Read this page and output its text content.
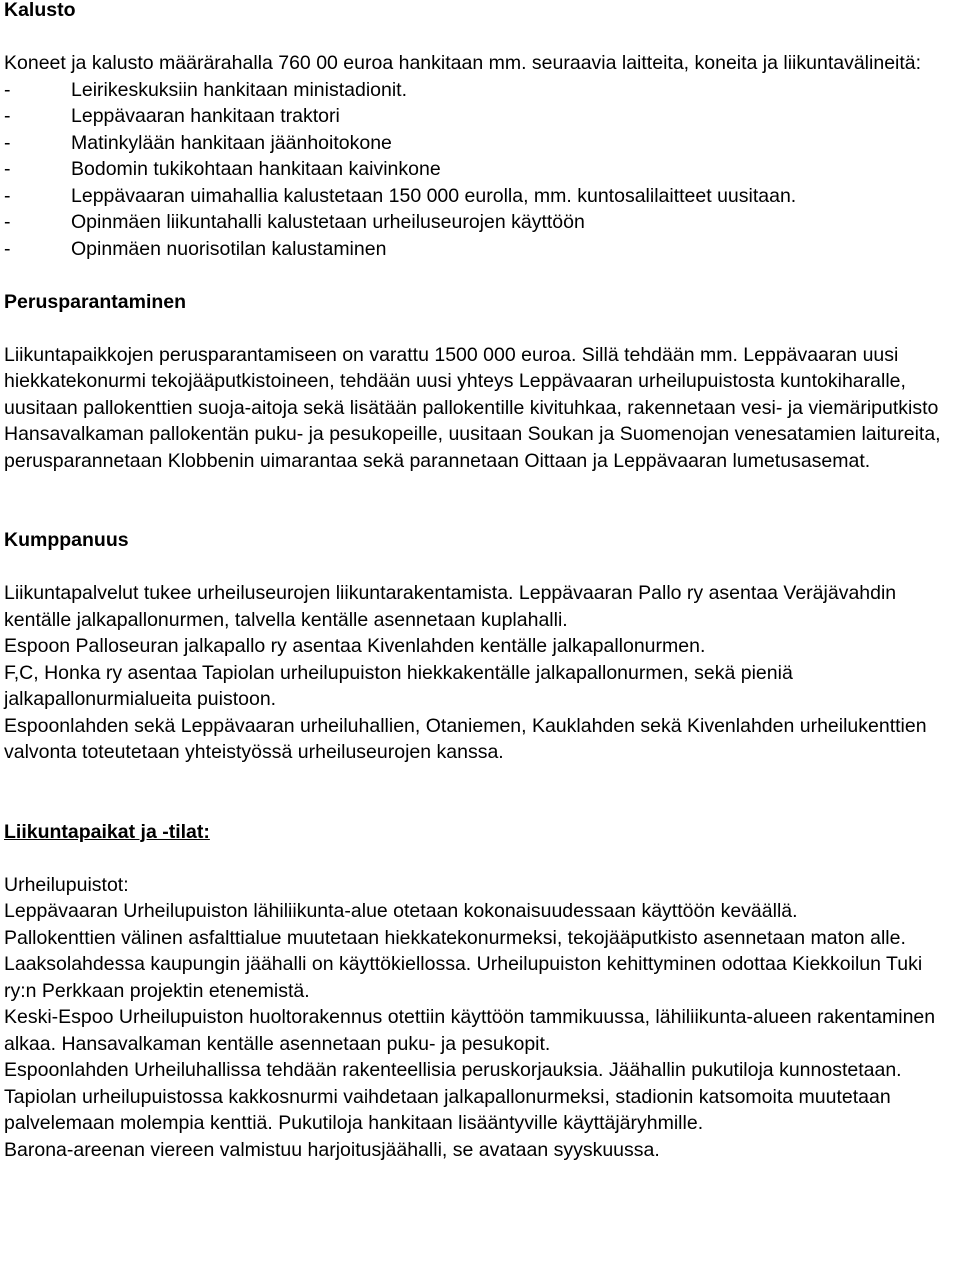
Kalusto

Koneet ja kalusto määrärahalla 760 00 euroa hankitaan mm. seuraavia laitteita, koneita ja liikuntavälineitä:

-	Leirikeskuksiin hankitaan ministadionit.
-	Leppävaaran hankitaan traktori
-	Matinkylään hankitaan jäänhoitokone
-	Bodomin tukikohtaan hankitaan kaivinkone
-	Leppävaaran uimahallia kalustetaan 150 000 eurolla, mm. kuntosalilaitteet uusitaan.
-	Opinmäen liikuntahalli kalustetaan urheiluseurojen käyttöön
-	Opinmäen nuorisotilan kalustaminen

Perusparantaminen

Liikuntapaikkojen perusparantamiseen on varattu 1500 000 euroa. Sillä tehdään mm. Leppävaaran uusi hiekkatekonurmi tekojääputkistoineen, tehdään uusi yhteys Leppävaaran urheilupuistosta kuntokiharalle, uusitaan pallokenttien suoja-aitoja sekä lisätään pallokentille kivituhkaa, rakennetaan vesi- ja viemäriputkisto Hansavalkaman pallokentän puku- ja pesukopeille, uusitaan Soukan ja Suomenojan venesatamien laitureita, perusparannetaan Klobbenin uimarantaa sekä parannetaan Oittaan ja Leppävaaran lumetusasemat.

Kumppanuus

Liikuntapalvelut tukee urheiluseurojen liikuntarakentamista. Leppävaaran Pallo ry asentaa Veräjävahdin kentälle jalkapallonurmen, talvella kentälle asennetaan kuplahalli.

Espoon Palloseuran jalkapallo ry asentaa Kivenlahden kentälle jalkapallonurmen.

F,C, Honka ry asentaa Tapiolan urheilupuiston hiekkakentälle jalkapallonurmen, sekä pieniä jalkapallonurmialueita puistoon.

Espoonlahden sekä Leppävaaran urheiluhallien, Otaniemen, Kauklahden sekä Kivenlahden urheilukenttien valvonta toteutetaan yhteistyössä urheiluseurojen kanssa.

Liikuntapaikat ja -tilat:

Urheilupuistot:

Leppävaaran Urheilupuiston lähiliikunta-alue otetaan kokonaisuudessaan käyttöön keväällä.

Pallokenttien välinen asfalttialue muutetaan hiekkatekonurmeksi, tekojääputkisto asennetaan maton alle.

Laaksolahdessa kaupungin jäähalli on käyttökiellossa. Urheilupuiston kehittyminen odottaa Kiekkoilun Tuki ry:n Perkkaan projektin etenemistä.

Keski-Espoo Urheilupuiston huoltorakennus otettiin käyttöön tammikuussa, lähiliikunta-alueen rakentaminen alkaa. Hansavalkaman kentälle asennetaan puku- ja pesukopit.

Espoonlahden Urheiluhallissa tehdään rakenteellisia peruskorjauksia. Jäähallin pukutiloja kunnostetaan.

Tapiolan urheilupuistossa kakkosnurmi vaihdetaan jalkapallonurmeksi, stadionin katsomoita muutetaan palvelemaan molempia kenttiä. Pukutiloja hankitaan lisääntyville käyttäjäryhmille.

Barona-areenan viereen valmistuu harjoitusjäähalli, se avataan syyskuussa.
